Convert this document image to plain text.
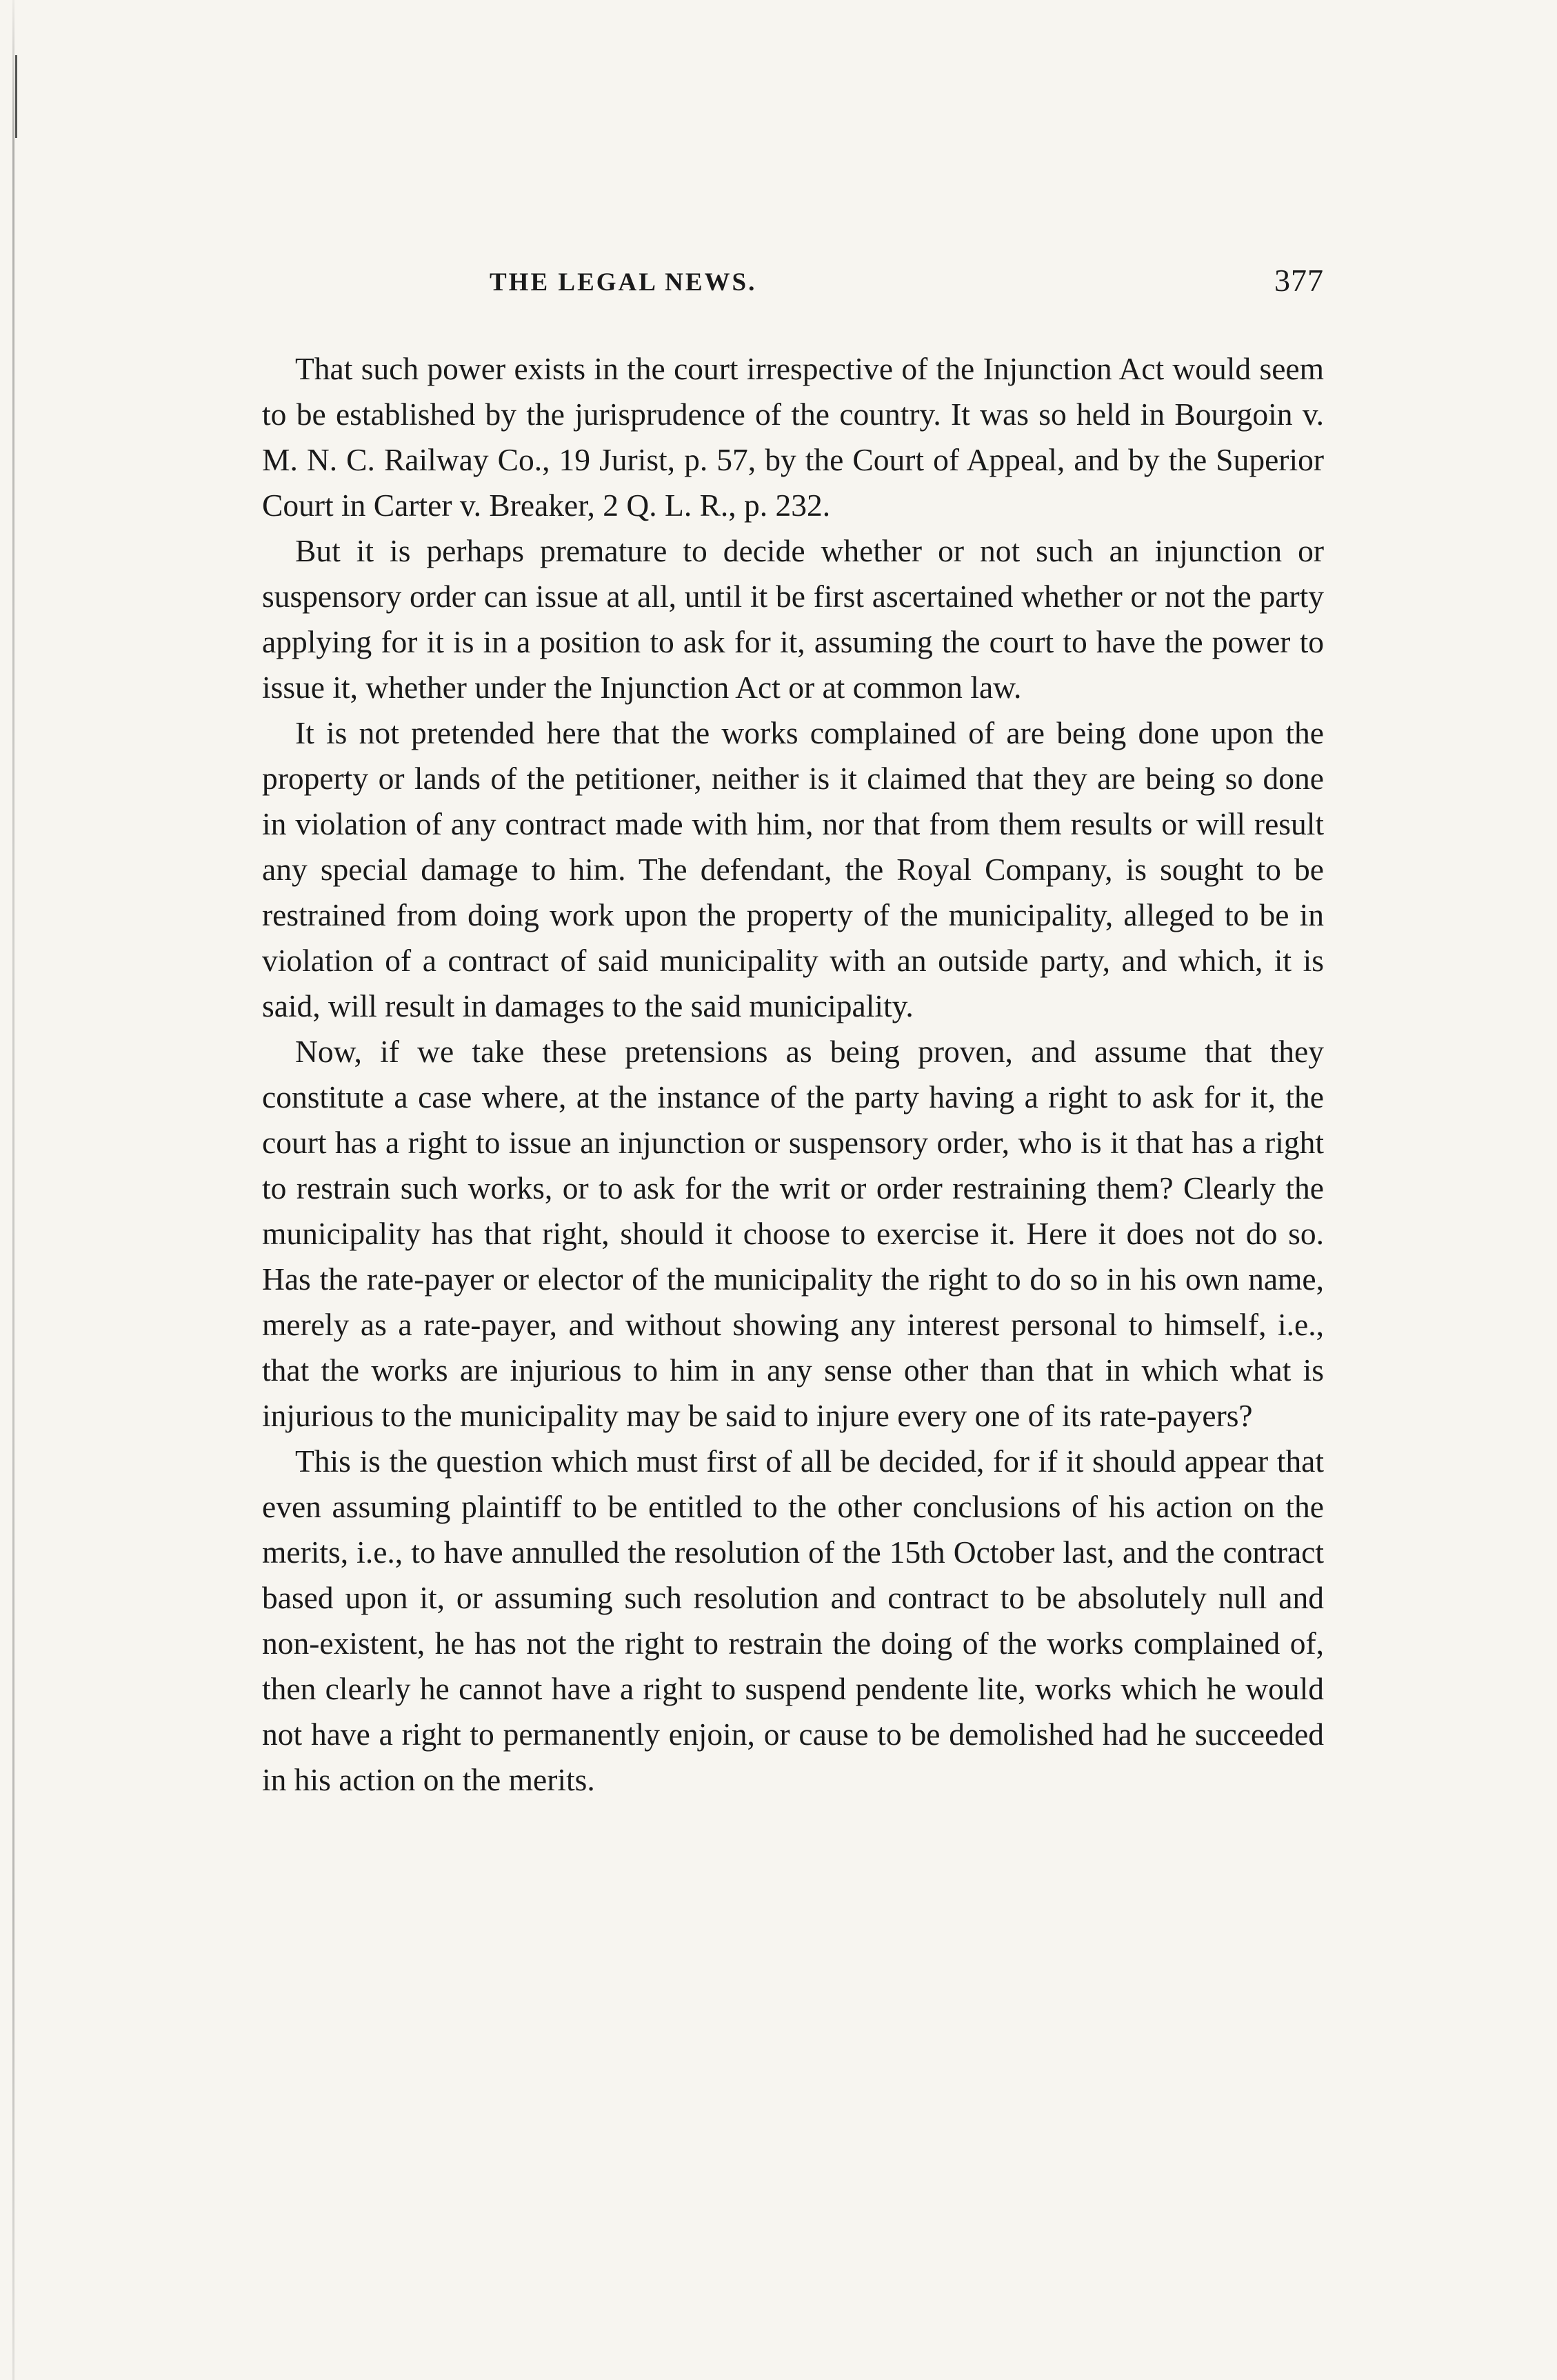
THE LEGAL NEWS.	377

That such power exists in the court irrespective of the Injunction Act would seem to be established by the jurisprudence of the country. It was so held in Bourgoin v. M. N. C. Railway Co., 19 Jurist, p. 57, by the Court of Appeal, and by the Superior Court in Carter v. Breaker, 2 Q. L. R., p. 232.

But it is perhaps premature to decide whether or not such an injunction or suspensory order can issue at all, until it be first ascertained whether or not the party applying for it is in a position to ask for it, assuming the court to have the power to issue it, whether under the Injunction Act or at common law.

It is not pretended here that the works complained of are being done upon the property or lands of the petitioner, neither is it claimed that they are being so done in violation of any contract made with him, nor that from them results or will result any special damage to him. The defendant, the Royal Company, is sought to be restrained from doing work upon the property of the municipality, alleged to be in violation of a contract of said municipality with an outside party, and which, it is said, will result in damages to the said municipality.

Now, if we take these pretensions as being proven, and assume that they constitute a case where, at the instance of the party having a right to ask for it, the court has a right to issue an injunction or suspensory order, who is it that has a right to restrain such works, or to ask for the writ or order restraining them? Clearly the municipality has that right, should it choose to exercise it. Here it does not do so. Has the rate-payer or elector of the municipality the right to do so in his own name, merely as a rate-payer, and without showing any interest personal to himself, i.e., that the works are injurious to him in any sense other than that in which what is injurious to the municipality may be said to injure every one of its rate-payers?

This is the question which must first of all be decided, for if it should appear that even assuming plaintiff to be entitled to the other conclusions of his action on the merits, i.e., to have annulled the resolution of the 15th October last, and the contract based upon it, or assuming such resolution and contract to be absolutely null and non-existent, he has not the right to restrain the doing of the works complained of, then clearly he cannot have a right to suspend pendente lite, works which he would not have a right to permanently enjoin, or cause to be demolished had he succeeded in his action on the merits.
